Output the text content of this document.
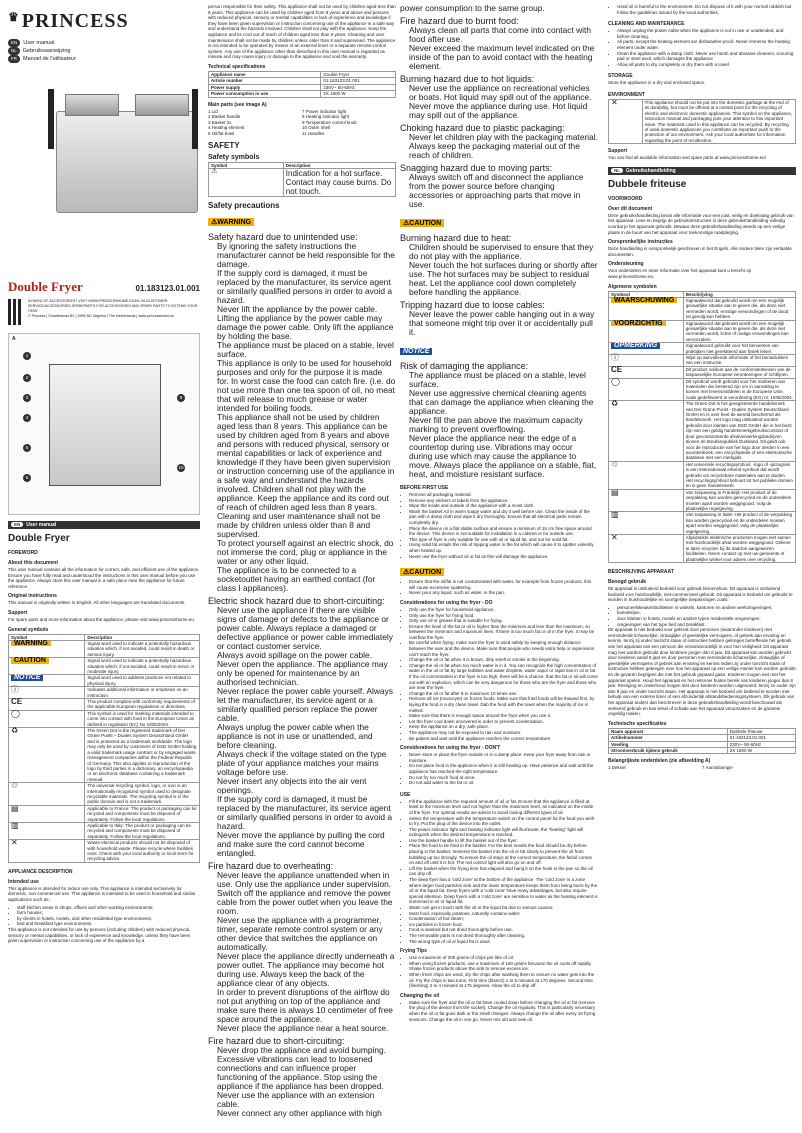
♛ PRINCESS
EN User manual
NL Gebruiksaanwijzing
FR Manuel de l'utilisateur
Double Fryer	01.183123.01.001
IN NEED OF ACCESSORIES? VISIT WWW.PRINCESSHOME.EU/NL-NL/CUSTOMER-SERVICE/ACCESSORIES-SPAREPARTS FOR ACCESSORIES AND SPARE PARTS TO EXTEND YOUR ITEM!
© Princess | Smartbrands BV | 3995 ND Uitgeest | The Netherlands | www.princesshome.eu
A
1
2
3
4
5
6
9
10
EN User manual
Double Fryer
FOREWORD
About this document

This user manual contains all the information for correct, safe, and efficient use of the appliance. Ensure you have fully read and understood the instructions in this user manual before you use the appliance. Always store this user manual in a safe place near the appliance for future reference.

Original instructions

This manual is originally written in English. All other languages are translated documents.

Support

For spare parts and more information about the appliance, please visit www.princesshome.eu

General symbols
Symbol	Description
WARNING	Signal word used to indicate a potentially hazardous situation which, if not avoided, could result in death or serious injury.
CAUTION	Signal word used to indicate a potentially hazardous situation which, if not avoided, could result in minor or moderate injury.
NOTICE	Signal word used to address practices not related to physical injury.
ⓘ	Indicates additional information or emphasis on an instruction.
CE	This product complies with conformity requirements of the applicable European regulations or directives.
◯	This symbol is used for marking materials intended to come into contact with food in the European Union as defined in regulation (EC) No 1935/2004.
♻	The Green Dot is the registered trademark of Der Grüne Punkt – Duales System Deutschland GmbH and is protected as a trademark worldwide. The logo may only be used by customers of DSD GmbH holding a valid trademark usage contract or by engaged waste management companies within the Federal Republic of Germany. This also applies to reproduction of the logo by third parties in a dictionary, an encyclopaedia or an electronic database containing a trademark manual.
♲	The universal recycling symbol, logo, or icon is an internationally recognized symbol used to designate recyclable materials. The recycling symbol is in the public domain and is not a trademark.
▤	Applicable to France: The product or packaging can be recycled and components must be disposed of separately. Follow the local regulations.
▥	Applicable to Italy: The product or packaging can be recycled and components must be disposed of separately. Follow the local regulations.
✕	Waste electrical products should not be disposed of with household waste. Please recycle where facilities exist. Check with your local authority or local store for recycling advice.
APPLIANCE DESCRIPTION
Intended use

This appliance is intended for indoor use only. This appliance is intended exclusively for domestic, non-commercial use. This appliance is intended to be used in household and similar applications such as:

• staff kitchen areas in shops, offices and other working environments;
• farm houses;
• by clients in hotels, motels, and other residential type environments;
• bed and breakfast type environments.

This appliance is not intended for use by persons (including children) with reduced physical, sensory or mental capabilities, or lack of experience and knowledge, unless they have been given supervision or instruction concerning use of the appliance by a

person responsible for their safety. This appliance shall not be used by children aged less than 8 years. This appliance can be used by children aged from 8 years and above and persons with reduced physical, sensory or mental capabilities or lack of experience and knowledge if they have been given supervision or instruction concerning use of the appliance in a safe way and understand the hazards involved. Children shall not play with the appliance. Keep the appliance and its cord out of reach of children aged less than 8 years. Cleaning and user maintenance shall not be made by children unless older than 8 and supervised. The appliance is not intended to be operated by means of an external timer or a separate remote-control system. Any use of the appliance other than described in this user manual is regarded as misuse and may cause injury or damage to the appliance and void the warranty.

Technical specifications
Appliance name	Double Fryer
Article number	01.183123.01.001
Power supply	230V~ 50-60Hz
Power consumption in use	2X 1600 W
Main parts (see image A)
1 Lid	7 Power indicator light
2 Basket handle	8 Heating indicator light
3 Basket 2x	9 Temperature control knob
4 Heating element	10 Outer shell
5 Oil/fat bowl	11 Handles
SAFETY
Safety symbols
Symbol	Description
⚠	Indication for a hot surface. Contact may cause burns. Do not touch.
Safety precautions
⚠WARNING
Safety hazard due to unintended use:
• By ignoring the safety instructions the manufacturer cannot be held responsible for the damage.
• If the supply cord is damaged, it must be replaced by the manufacturer, its service agent or similarly qualified persons in order to avoid a hazard.
• Never lift the appliance by the power cable. Lifting the appliance by the power cable may damage the power cable. Only lift the appliance by holding the base.
• The appliance must be placed on a stable, level surface.
• This appliance is only to be used for household purposes and only for the purpose it is made for. In worst case the food can catch fire. (i.e. do not use more than one tea spoon of oil, no meat that will release to much grease or water intended for boiling foods.
• This appliance shall not be used by children aged less than 8 years. This appliance can be used by children aged from 8 years and above and persons with reduced physical, sensory or mental capabilities or lack of experience and knowledge if they have been given supervision or instruction concerning use of the appliance in a safe way and understand the hazards involved. Children shall not play with the appliance. Keep the appliance and its cord out of reach of children aged less than 8 years. Cleaning and user maintenance shall not be made by children unless older than 8 and supervised.
• To protect yourself against an electric shock, do not immerse the cord, plug or appliance in the water or any other liquid.
• The appliance is to be connected to a socketoutlet having an earthed contact (for class I appliances).
Electric shock hazard due to short-circuiting:
• Never use the appliance if there are visible signs of damage or defects to the appliance or power cable. Always replace a damaged or defective appliance or power cable immediately or contact customer service.
• Always avoid spillage on the power cable.
• Never open the appliance. The appliance may only be opened for maintenance by an authorised technician.
• Never replace the power cable yourself. Always let the manufacturer, its service agent or a similarly qualified person replace the power cable.
• Always unplug the power cable when the appliance is not in use or unattended, and before cleaning.
• Always check if the voltage stated on the type plate of your appliance matches your mains voltage before use.
• Never insert any objects into the air vent openings.
• If the supply cord is damaged, it must be replaced by the manufacturer, its service agent or similarly qualified persons in order to avoid a hazard.
• Never move the appliance by pulling the cord and make sure the cord cannot become entangled.
Fire hazard due to overheating:
• Never leave the appliance unattended when in use. Only use the appliance under supervision. Switch off the appliance and remove the power cable from the power outlet when you leave the room.
• Never use the appliance with a programmer, timer, separate remote control system or any other device that switches the appliance on automatically.
• Never place the appliance directly underneath a power outlet. The appliance may become hot during use. Always keep the back of the appliance clear of any objects.
• In order to prevent disruptions of the airflow do not put anything on top of the appliance and make sure there is always 10 centimeter of free space around the appliance.
• Never place the appliance near a heat source.
Fire hazard due to short-circuiting:
• Never drop the appliance and avoid bumping. Excessive vibrations can lead to loosened connections and can influence proper functioning of the appliance. Stop using the appliance if the appliance has been dropped.
• Never use the appliance with an extension cable.
• Never connect any other appliance with high

power consumption to the same group.

Fire hazard due to burnt food:
• Always clean all parts that come into contact with food after use.
• Never exceed the maximum level indicated on the inside of the pan to avoid contact with the heating element.
Burning hazard due to hot liquids:
• Never use the appliance on recreational vehicles or boats. Hot liquid may spill out of the appliance.
• Never move the appliance during use. Hot liquid may spill out of the appliance.
Choking hazard due to plastic packaging:
• Never let children play with the packaging material. Always keep the packaging material out of the reach of children.
Snagging hazard due to moving parts:
• Always switch off and disconnect the appliance from the power source before changing accessories or approaching parts that move in use.
⚠CAUTION
Burning hazard due to heat:
• Children should be supervised to ensure that they do not play with the appliance.
• Never touch the hot surfaces during or shortly after use. The hot surfaces may be subject to residual heat. Let the appliance cool down completely before handling the appliance.
Tripping hazard due to loose cables:
• Never leave the power cable hanging out in a way that someone might trip over it or accidentally pull it.
NOTICE
Risk of damaging the appliance:
• The appliance must be placed on a stable, level surface.
• Never use aggressive chemical cleaning agents that can damage the appliance when cleaning the appliance.
• Never fill the pan above the maximum capacity marking to prevent overflowing.
• Never place the appliance near the edge of a countertop during use. Vibrations may occur during use which may cause the appliance to move. Always place the appliance on a stable, flat, heat, and moisture resistant surface.
BEFORE FIRST USE
• Remove all packaging material.
• Remove any stickers or labels from the appliance.
• Wipe the inside and outside of the appliance with a moist cloth.
• Wash the basket A3 in warm soapy water and dry it well before use. Clean the inside of the pan with a damp cloth and wipe it dry thoroughly. Ensure that all electrical parts remain completely dry.
• Place the device on a flat stable surface and ensure a minimum of 15 cm free space around the device. This device is not suitable for installation in a cabinet or for outside use.
• This type of fryer is only suitable for use with oil or liquid fat, and not for solid fat.
• Using solid fat entails the risk of tripping water in the fat which will cause it to spatter violently when heated up.
• Never use the fryer without oil or fat as this will damage the appliance.
⚠CAUTION
• Ensure that the oil/fat is not contaminated with water, for example from frozen products, this will cause excessive spattering.
• Never pour any liquid, such as water, in the pan.
Considerations for using the fryer - DO
• Only use the fryer for household appliance.
• Only use the fryer for frying food.
• Only use oil or grease that is suitable for frying.
• Ensure the level of the fat or oil is higher than the minimum and less than the maximum, so between the minimum and maximum lines. If there is too much fat or oil in the fryer, it may be overflow the fryer.
• Be careful when frying, make sure the fryer is used safely by keeping enough distance between the user and the device. Make sure that people who needs extra help or supervision can't reach the fryer.
• Change the oil or fat when it is brown, dirty smell or smoke in the beginning.
• Change the oil or fat when too much water is in it. You can recognize the high concentration of water in the oil or fat by large bubbles and water droplets, water vapor or rapid rise in oil or fat. If the oil concentration in the fryer is too high, there will be a chance, that the fat or oil will come out with an explosion, which can be very dangerous for those who are the fryer and those who are near the fryer.
• Change the oil or fat after 8 to maximum 10 times use.
• Remove all ice (monocyte) on frozen foods. Make sure that fried foods will be thawed first, by laying the food in a dry clean towel. Dab the food with the towel when the majority of ice is melted.
• Make sure that there is enough space around the fryer when you use it.
• Let the fryer cool down uncovered in order to prevent condensation.
• Keep the appliance on a dry, safe place.
• The appliance may not be exposed to rain and moisture.
• Be patient and wait until the appliance reaches the correct temperature.
Considerations for using the fryer - DON'T
• Never store or place the fryer outside or in a damp place. Keep your fryer away from rain or moisture.
• Do not place food in the appliance when it is still heating up. Have patience and wait until the appliance has reached the right temperature.
• Do not fry too much food at once.
• Do not add water to the fat or oil.
USE
• Fill the appliance with the required amount of oil or fat. Ensure that the appliance is filled at least to the minimum level and not higher than the maximum level, as indicated on the inside of the fryer. For optimal results we advise to avoid mixing different types of oil.
• Select the temperature with the temperature switch on the control panel for the food you wish to fry. Put the plug of the device into the outlet.
• The power indicator light and heating indicator light will illuminate, the "heating" light will extinguish when the desired temperature is reached.
• Use the basket handle to lift the basket out of the fryer.
• Place the food to be fried in the basket. For the best results the food should be dry before placing in the basket. Immerse the basket into the oil or fat slowly to prevent the oil from bubbling up too strongly. To ensure the oil stays at the correct temperature, the fat/oil comes on and off until it is hot. The red control light will also go on and off.
• Lift the basket when the frying time has elapsed and hang it on the hook in the pan so the oil can drip off.
• The deep fryer has a 'cold zone' at the bottom of the appliance. The 'cold zone' is a zone where larger food particles sink and the lower temperature keeps them from being burnt by the oil or the liquid fat. Deep fryers with a 'cold zone' have many advantages, but also require special attention. Deep fryers with a 'cold zone' are sensitive to water as the heating element is immersed in oil or liquid fat.
• Water can get in touch with the oil or the liquid fat due to various causes:
• Most food, especially potatoes, naturally contains water;
• Condensation of hot steam;
• Ice particles in frozen food.
• Food is washed but not dried thoroughly before use.
• The removable parts is not dried thoroughly after cleaning.
• The wrong type of oil or liquid fat is used.
Frying Tips
• Use a maximum of 200 grams of chips per litre of oil.
• When using frozen products, use a maximum of 160 grams because the oil cools off rapidly. Shake frozen products above the sink to remove excess ice.
• When fresh chips are used, dry the chips after washing them to ensure no water gets into the oil. Fry the chips in two turns. First time (blanch) 1 to 5 minutes at 170 degrees. Second time (finishing) 2 to 4 minutes at 175 degrees. Allow the oil to drip off.
Changing the oil
• Make sure the fryer and the oil or fat have cooled down before changing the oil or fat (remove the plug of the device from the socket). Change the oil regularly. This is particularly necessary when the oil or fat goes dark or the smell changes. Always change the oil after every 10 frying sessions. Change the oil in one go. Never mix old and new oil.
• Used oil is harmful to the environment. Do not dispose of it with your normal rubbish but follow the guidelines issued by the local authorities.
CLEANING AND MAINTENANCE
• Always unplug the power cable when the appliance is not in use or unattended, and before cleaning.
• All parts, except the heating element are dishwasher-proof. Never immerse the heating element under water.
• Clean the appliance with a damp cloth. Never use harsh and abrasive cleaners, scouring pad or steel wool, which damages the appliance.
• Allow all parts to dry completely or dry them with a towel.
STORAGE

Store the appliance in a dry and enclosed space.

ENVIRONMENT
✕	This appliance should not be put into the domestic garbage at the end of its durability, but must be offered at a central point for the recycling of electric and electronic domestic appliances. This symbol on the appliance, instruction manual and packaging puts your attention to this important issue. The materials used in this appliance can be recycled. By recycling of used domestic appliances you contribute an important push to the protection of our environment. Ask your local authorities for information regarding the point of recollection.
Support

You can find all available information and spare parts at www.princesshome.eu!

NL Gebruikshandleiding
Dubbele friteuse
VOORWOORD
Over dit document

Deze gebruikshandleiding bevat alle informatie voor een juist, veilig en doelmatig gebruik van het apparaat. Lees en begrijp de gebruiksinstructies in deze gebruikshandleiding volledig voordat je het apparaat gebruikt. Bewaar deze gebruikshandleiding steeds op een veilige plaats in de buurt van het apparaat voor toekomstige raadpleging.

Oorspronkelijke instructies

Deze handleiding is oorspronkelijk geschreven in het Engels. Alle andere talen zijn vertaalde documenten.

Ondersteuning

Voor onderdelen en meer informatie over het apparaat kunt u terecht op www.princesshome.eu.

Algemene symbolen
Symbool	Beschrijving
WAARSCHUWING	Signaalwoord dat gebruikt wordt om een mogelijk gevaarlijke situatie aan te geven die, als deze niet vermeden wordt, ernstige verwondingen of de dood tot gevolg kan hebben.
VOORZICHTIG	Signaalwoord dat gebruikt wordt om een mogelijk gevaarlijke situatie aan te geven die, als deze niet vermeden wordt, lichte of matige verwondingen kan veroorzaken.
OPMERKING	Signaalwoord gebruikt voor het benoemen van praktijken niet gerelateerd aan fysiek letsel.
ⓘ	Wijst op aanvullende informatie of het benadrukken van een instructie.
CE	Dit product voldoet aan de conformiteitseisen van de toepasselijke Europese verordeningen of richtlijnen.
◯	Dit symbool wordt gebruikt voor het markeren van materialen die bestemd zijn om in aanraking te komen met levensmiddelen in de Europese Unie, zoals gedefinieerd in verordening (EG) nr. 1935/2004.
♻	The Green Dot is het geregistreerde handelsmerk van Der Grüne Punkt - Duales System Deutschland GmbH en is over heel de wereld beschermd als handelsmerk. Het logo mag uitsluitend worden gebruikt door klanten van DSD GmbH die in het bezit zijn van een geldig handelsmerkgebruikscontract of door gecontracteerde afvalverwerkingsbedrijven binnen de Bondsrepubliek Duitsland. Dit geldt ook voor de reproductie van het logo door derden in een woordenboek, een encyclopedie of een elektronische database met een merkgids.
♲	Het universele recyclingsymbool, -logo of -pictogram is een internationaal erkend symbool dat wordt gebruikt om recyclebare materialen aan te duiden. Het recyclingsymbool behoort tot het publieke domein en is geen handelsmerk.
▤	Van toepassing in Frankrijk: Het product of de verpakking kan worden gerecycled en de onderdelen moeten apart worden weggegooid. Volg de plaatselijke regelgeving.
▥	Van toepassing in Italië: Het product of de verpakking kan worden gerecycled en de onderdelen moeten apart worden weggegooid. Volg de plaatselijke regelgeving.
✕	Afgedankte elektrische producten mogen niet samen met huishoudelijk afval worden weggegooid. Gelieve te laten recyclen bij de daartoe aangewezen faciliteiten. Neem contact op met uw gemeente of plaatselijke winkel voor advies over recycling.
BESCHRIJVING APPARAAT
Beoogd gebruik

Dit apparaat is uitsluitend bedoeld voor gebruik binnenshuis. Dit apparaat is uitsluitend bedoeld voor huishoudelijk, niet-commercieel gebruik. Dit apparaat is bedoeld om gebruikt te worden in huishoudelijke en soortgelijke toepassingen zoals:

• personeelskeukenfaciliteiten in winkels, kantoren en andere werkomgevingen;
• boerderijen;
• door klanten in hotels, motels en andere typen residentiële omgevingen;
• omgevingen van het type bed and breakfast.

Dit apparaat is niet bedoeld voor gebruik door personen (waaronder kinderen) met verminderde lichamelijke, zintuiglijke of geestelijke vermogens, of gebrek aan ervaring en kennis, tenzij zij onder toezicht staan of instructies hebben gekregen betreffende het gebruik van het apparaat van een persoon die verantwoordelijk is voor hun veiligheid. Dit apparaat mag niet worden gebruikt door kinderen jonger dan 8 jaar. Dit apparaat kan worden gebruikt door kinderen vanaf 8 jaar en door personen met verminderde lichamelijke, zintuiglijke of geestelijke vermogens of gebrek aan ervaring en kennis indien zij onder toezicht staan of instructies hebben gekregen over hoe het apparaat op een veilige manier kan worden gebruikt en de gevaren begrijpen die met het gebruik gepaard gaan. Kinderen mogen niet met het apparaat spelen. Houd het apparaat en het netsnoer buiten bereik van kinderen jonger dan 8 jaar. Reiniging en onderhoud mogen niet door kinderen worden uitgevoerd, tenzij ze ouder zijn dan 8 jaar en onder toezicht staan. Het apparaat is niet bedoeld om bediend te worden met behulp van een externe timer of een afzonderlijk afstandsbedieningssysteem. Elk gebruik van het apparaat anders dan beschreven in deze gebruikshandleiding wordt beschouwd als verkeerd gebruik en kan letsel of schade aan het apparaat veroorzaken en de garantie ongeldig maken.

Technische specificaties
Naam apparaat	Dubbele friteuse
Artikelnummer	01.183123.01.001
Voeding	230V~ 50-60Hz
Stroomverbruik tijdens gebruik	2X 1600 W
Belangrijkste onderdelen (zie afbeelding A)
1 Deksel	7 Aan/uitlampje
